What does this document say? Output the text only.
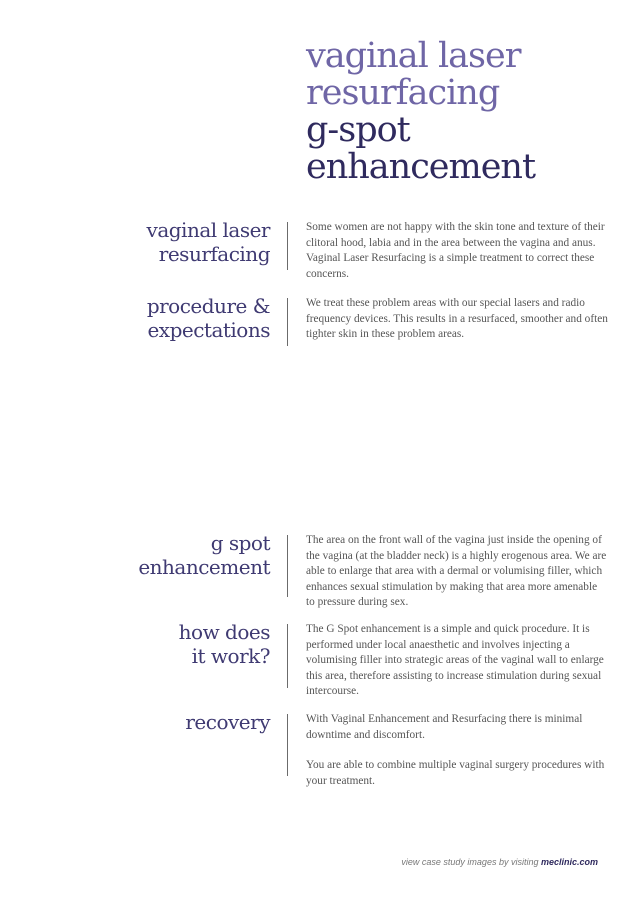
vaginal laser
resurfacing
g-spot
enhancement
vaginal laser
resurfacing

Some women are not happy with the skin tone and texture of their clitoral hood, labia and in the area between the vagina and anus. Vaginal Laser Resurfacing is a simple treatment to correct these concerns.

procedure &
expectations

We treat these problem areas with our special lasers and radio frequency devices. This results in a resurfaced, smoother and often tighter skin in these problem areas.

g spot
enhancement

The area on the front wall of the vagina just inside the opening of the vagina (at the bladder neck) is a highly erogenous area. We are able to enlarge that area with a dermal or volumising filler, which enhances sexual stimulation by making that area more amenable to pressure during sex.

how does
it work?

The G Spot enhancement is a simple and quick procedure. It is performed under local anaesthetic and involves injecting a volumising filler into strategic areas of the vaginal wall to enlarge this area, therefore assisting to increase stimulation during sexual intercourse.

recovery	With Vaginal Enhancement and Resurfacing there is minimal downtime and discomfort.

You are able to combine multiple vaginal surgery procedures with your treatment.

view case study images by visiting meclinic.com
